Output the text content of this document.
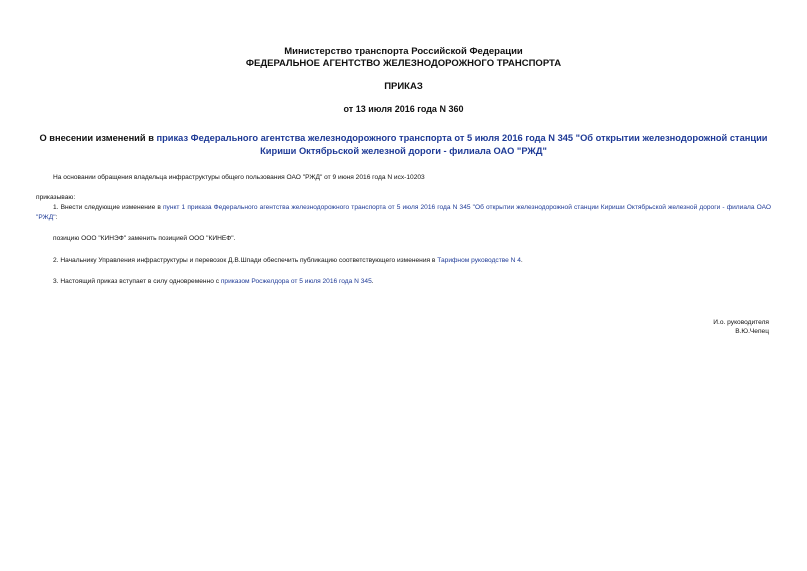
Министерство транспорта Российской Федерации
ФЕДЕРАЛЬНОЕ АГЕНТСТВО ЖЕЛЕЗНОДОРОЖНОГО ТРАНСПОРТА
ПРИКАЗ
от 13 июля 2016 года N 360
О внесении изменений в приказ Федерального агентства железнодорожного транспорта от 5 июля 2016 года N 345 "Об открытии железнодорожной станции Кириши Октябрьской железной дороги - филиала ОАО "РЖД"
На основании обращения владельца инфраструктуры общего пользования ОАО "РЖД" от 9 июня 2016 года N исх-10203
приказываю:
1. Внести следующие изменение в пункт 1 приказа Федерального агентства железнодорожного транспорта от 5 июля 2016 года N 345 "Об открытии железнодорожной станции Кириши Октябрьской железной дороги - филиала ОАО "РЖД":
позицию ООО "КИНЭФ" заменить позицией ООО "КИНЕФ".
2. Начальнику Управления инфраструктуры и перевозок Д.В.Шпади обеспечить публикацию соответствующего изменения в Тарифном руководстве N 4.
3. Настоящий приказ вступает в силу одновременно с приказом Росжелдора от 5 июля 2016 года N 345.
И.о. руководителя
В.Ю.Чепец
